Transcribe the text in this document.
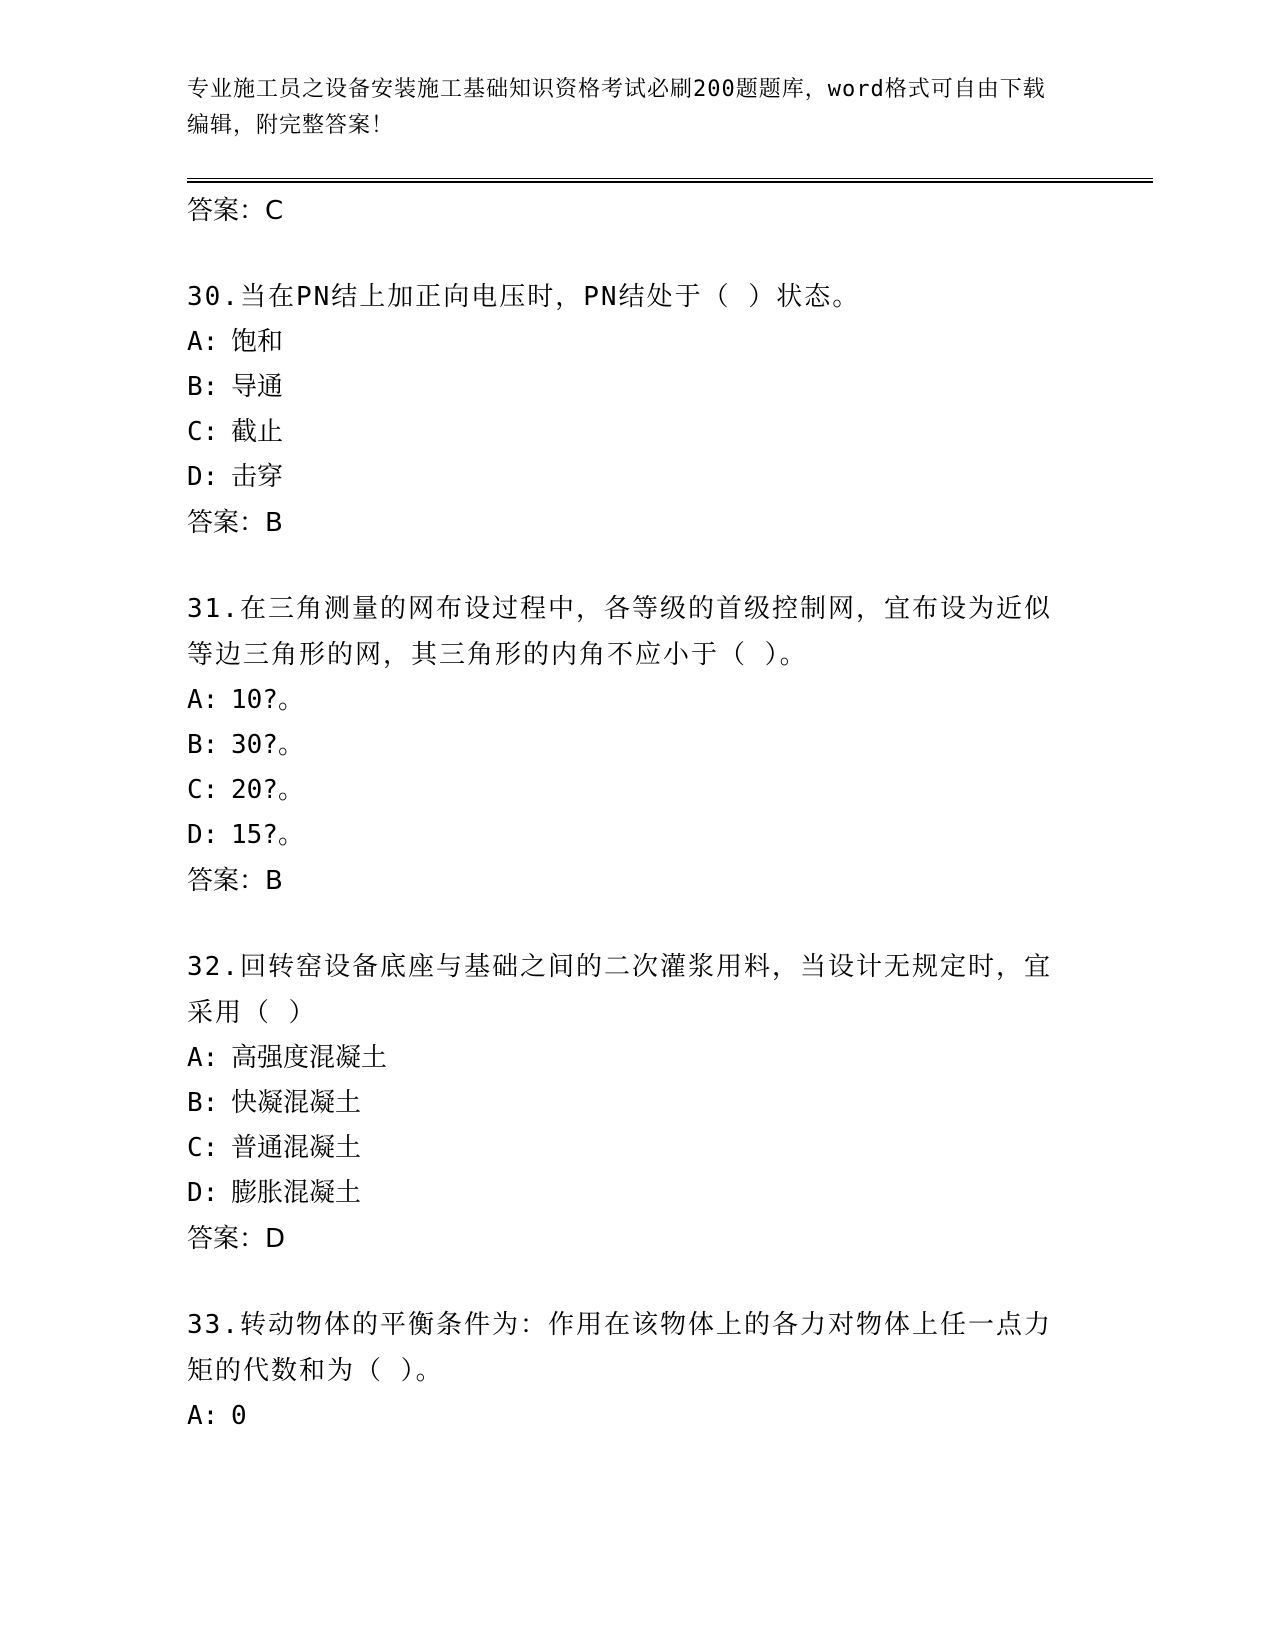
专业施工员之设备安装施工基础知识资格考试必刷200题题库，word格式可自由下载编辑，附完整答案！
答案：C
30.当在PN结上加正向电压时，PN结处于（ ）状态。
A: 饱和
B: 导通
C: 截止
D: 击穿
答案：B
31.在三角测量的网布设过程中，各等级的首级控制网，宜布设为近似等边三角形的网，其三角形的内角不应小于（ ）。
A: 10?。
B: 30?。
C: 20?。
D: 15?。
答案：B
32.回转窑设备底座与基础之间的二次灌浆用料，当设计无规定时，宜采用（ ）
A: 高强度混凝土
B: 快凝混凝土
C: 普通混凝土
D: 膨胀混凝土
答案：D
33.转动物体的平衡条件为：作用在该物体上的各力对物体上任一点力矩的代数和为（ ）。
A: 0
